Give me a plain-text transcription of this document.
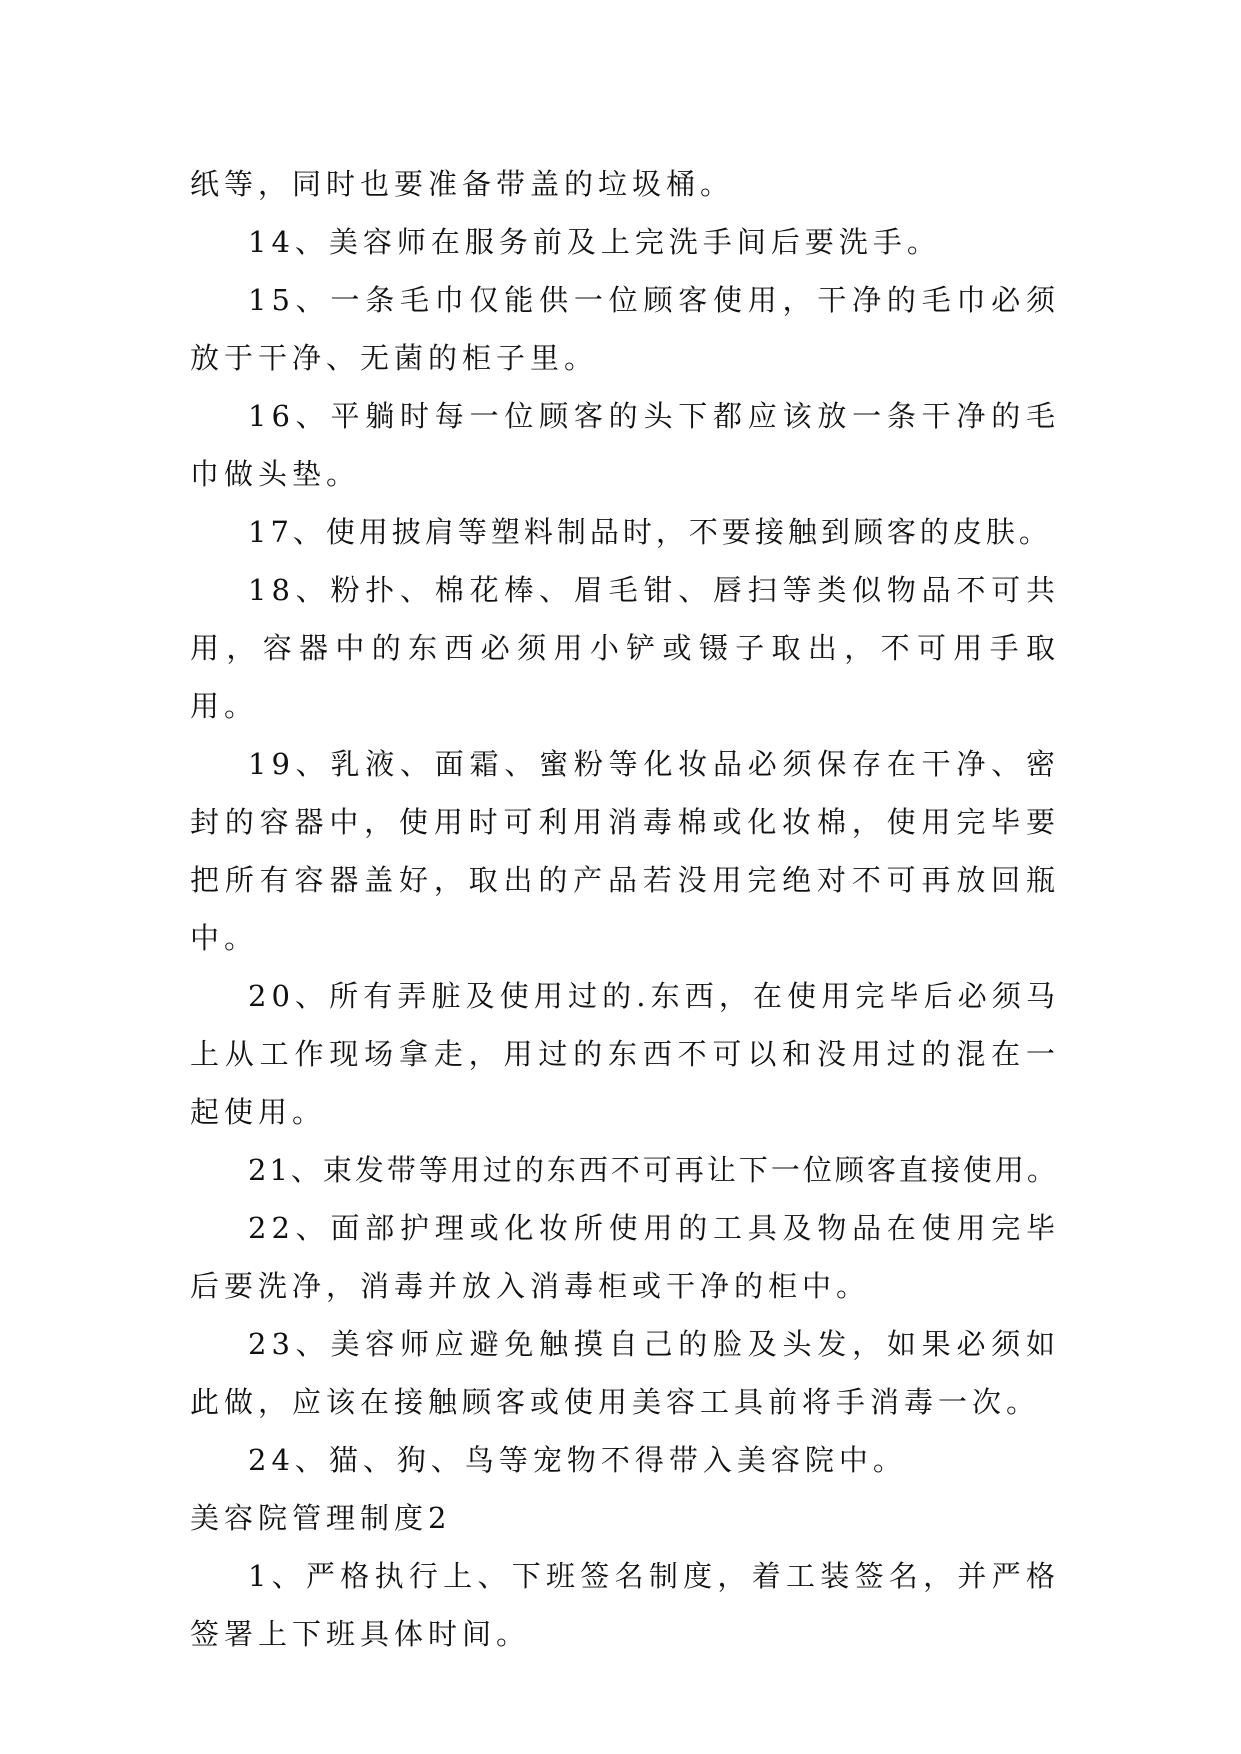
纸等，同时也要准备带盖的垃圾桶。

14、美容师在服务前及上完洗手间后要洗手。

15、一条毛巾仅能供一位顾客使用，干净的毛巾必须放于干净、无菌的柜子里。

16、平躺时每一位顾客的头下都应该放一条干净的毛巾做头垫。

17、使用披肩等塑料制品时，不要接触到顾客的皮肤。

18、粉扑、棉花棒、眉毛钳、唇扫等类似物品不可共用，容器中的东西必须用小铲或镊子取出，不可用手取用。

19、乳液、面霜、蜜粉等化妆品必须保存在干净、密封的容器中，使用时可利用消毒棉或化妆棉，使用完毕要把所有容器盖好，取出的产品若没用完绝对不可再放回瓶中。

20、所有弄脏及使用过的.东西，在使用完毕后必须马上从工作现场拿走，用过的东西不可以和没用过的混在一起使用。

21、束发带等用过的东西不可再让下一位顾客直接使用。

22、面部护理或化妆所使用的工具及物品在使用完毕后要洗净，消毒并放入消毒柜或干净的柜中。

23、美容师应避免触摸自己的脸及头发，如果必须如此做，应该在接触顾客或使用美容工具前将手消毒一次。

24、猫、狗、鸟等宠物不得带入美容院中。

美容院管理制度2

1、严格执行上、下班签名制度，着工装签名，并严格签署上下班具体时间。
